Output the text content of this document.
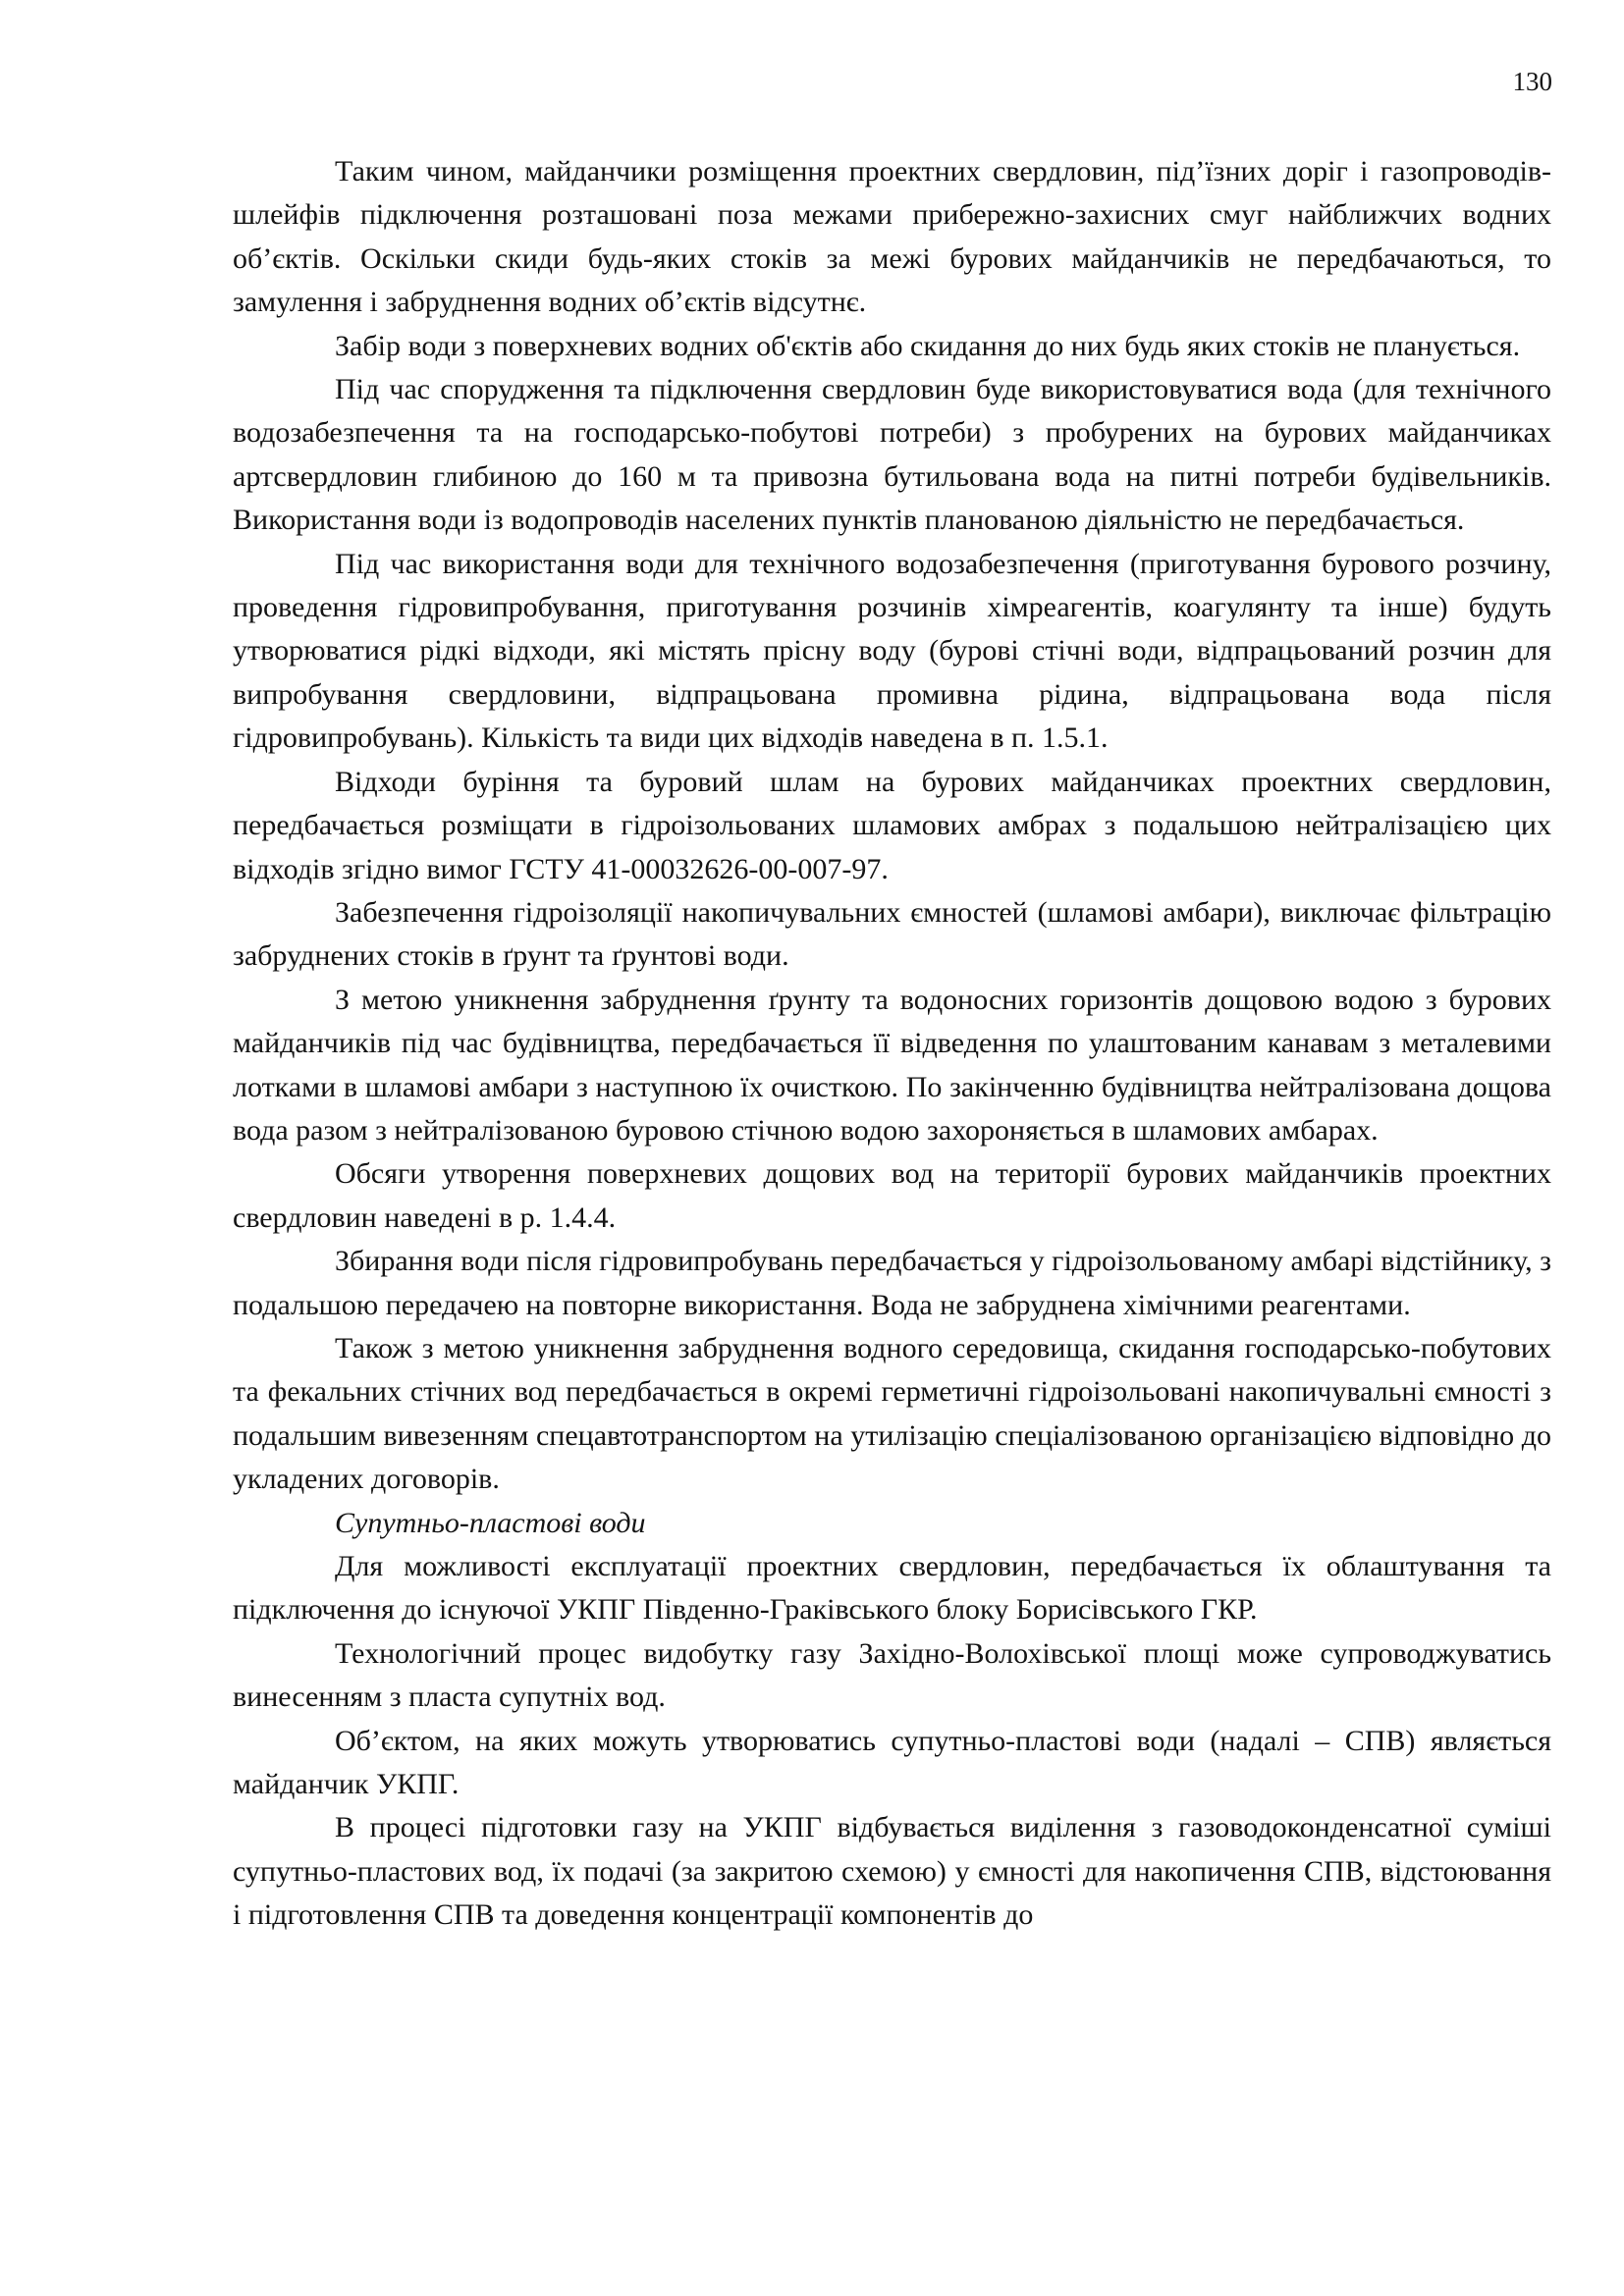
130

Таким чином, майданчики розміщення проектних свердловин, під’їзних доріг і газопроводів-шлейфів підключення розташовані поза межами прибережно-захисних смуг найближчих водних об’єктів. Оскільки скиди будь-яких стоків за межі бурових майданчиків не передбачаються, то замулення і забруднення водних об’єктів відсутнє.

Забір води з поверхневих водних об'єктів або скидання до них будь яких стоків не планується.

Під час спорудження та підключення свердловин буде використовуватися вода (для технічного водозабезпечення та на господарсько-побутові потреби) з пробурених на бурових майданчиках артсвердловин глибиною до 160 м та привозна бутильована вода на питні потреби будівельників. Використання води із водопроводів населених пунктів планованою діяльністю не передбачається.

Під час використання води для технічного водозабезпечення (приготування бурового розчину, проведення гідровипробування, приготування розчинів хімреагентів, коагулянту та інше) будуть утворюватися рідкі відходи, які містять прісну воду (бурові стічні води, відпрацьований розчин для випробування свердловини, відпрацьована промивна рідина, відпрацьована вода після гідровипробувань). Кількість та види цих відходів наведена в п. 1.5.1.

Відходи буріння та буровий шлам на бурових майданчиках проектних свердловин, передбачається розміщати в гідроізольованих шламових амбрах з подальшою нейтралізацією цих відходів згідно вимог ГСТУ 41-00032626-00-007-97.

Забезпечення гідроізоляції накопичувальних ємностей (шламові амбари), виключає фільтрацію забруднених стоків в ґрунт та ґрунтові води.

З метою уникнення забруднення ґрунту та водоносних горизонтів дощовою водою з бурових майданчиків під час будівництва, передбачається її відведення по улаштованим канавам з металевими лотками в шламові амбари з наступною їх очисткою. По закінченню будівництва нейтралізована дощова вода разом з нейтралізованою буровою стічною водою захороняється в шламових амбарах.

Обсяги утворення поверхневих дощових вод на території бурових майданчиків проектних свердловин наведені в р. 1.4.4.

Збирання води після гідровипробувань передбачається у гідроізольованому амбарі відстійнику, з подальшою передачею на повторне використання. Вода не забруднена хімічними реагентами.

Також з метою уникнення забруднення водного середовища, скидання господарсько-побутових та фекальних стічних вод передбачається в окремі герметичні гідроізольовані накопичувальні ємності з подальшим вивезенням спецавтотранспортом на утилізацію спеціалізованою організацією відповідно до укладених договорів.

Супутньо-пластові води

Для можливості експлуатації проектних свердловин, передбачається їх облаштування та підключення до існуючої УКПГ Південно-Граківського блоку Борисівського ГКР.

Технологічний процес видобутку газу Західно-Волохівської площі може супроводжуватись винесенням з пласта супутніх вод.

Об’єктом, на яких можуть утворюватись супутньо-пластові води (надалі – СПВ) являється майданчик УКПГ.

В процесі підготовки газу на УКПГ відбувається виділення з газоводоконденсатної суміші супутньо-пластових вод, їх подачі (за закритою схемою) у ємності для накопичення СПВ, відстоювання і підготовлення СПВ та доведення концентрації компонентів до
